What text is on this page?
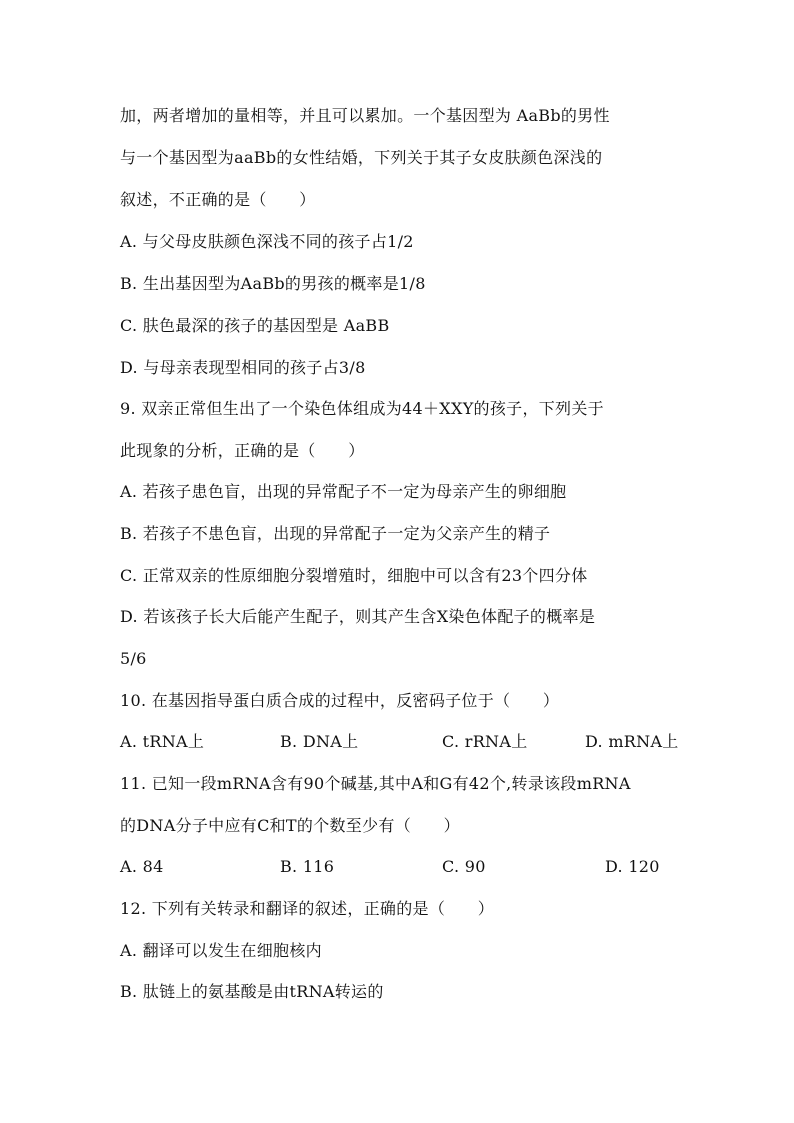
加，两者增加的量相等，并且可以累加。一个基因型为 AaBb的男性
与一个基因型为aaBb的女性结婚，下列关于其子女皮肤颜色深浅的
叙述，不正确的是（　　）
A. 与父母皮肤颜色深浅不同的孩子占1/2
B. 生出基因型为AaBb的男孩的概率是1/8
C. 肤色最深的孩子的基因型是 AaBB
D. 与母亲表现型相同的孩子占3/8
9. 双亲正常但生出了一个染色体组成为44＋XXY的孩子，下列关于
此现象的分析，正确的是（　　）
A. 若孩子患色盲，出现的异常配子不一定为母亲产生的卵细胞
B. 若孩子不患色盲，出现的异常配子一定为父亲产生的精子
C. 正常双亲的性原细胞分裂增殖时，细胞中可以含有23个四分体
D. 若该孩子长大后能产生配子，则其产生含X染色体配子的概率是
5/6
10. 在基因指导蛋白质合成的过程中，反密码子位于（　　）
A. tRNA上	B. DNA上	C. rRNA上	D. mRNA上
11. 已知一段mRNA含有90个碱基,其中A和G有42个,转录该段mRNA
的DNA分子中应有C和T的个数至少有（　　）
A. 84	B. 116	C. 90	D. 120
12. 下列有关转录和翻译的叙述，正确的是（　　）
A. 翻译可以发生在细胞核内
B. 肽链上的氨基酸是由tRNA转运的
